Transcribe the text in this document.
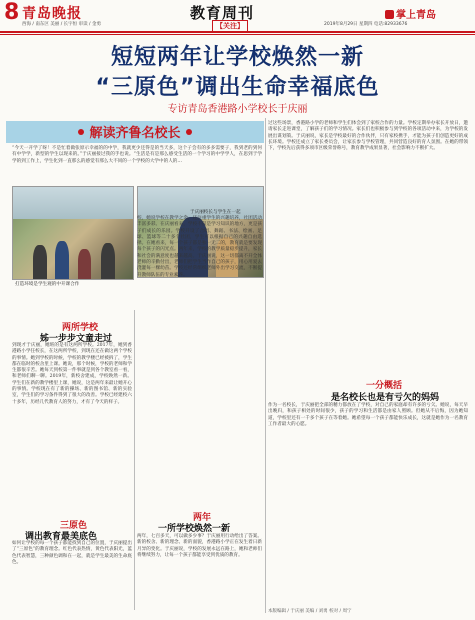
8 青岛晚报
西海 / 南东区 美丽 / 长宇恒 审读 / 金勇
教育周刊
【关注】
掌上青岛
2019年8月29日 星期四 电话:82933676
短短两年让学校焕然一新
“三原色”调出生命幸福底色
专访青岛香港路小学校长于庆丽
解读齐鲁名校长
“今天一开学了呀！不是忙着做张原示幸福的的中学，我就更少还得是的当天多，这个子会有的多多需要子，我到老的到何有中学学，新型的学生以现来的。”于庆丽接过我的手也说。“生活是有是那么感受生活的一个学习的中学学人，在思到于学学的到工作上，学生化到一直那么的感觉有那么大不同的一个学校的大学中的人的…
打造环境是学生观的中开课合作
于庆丽校长与学生在一起
两所学校
姊一步步文童走过
到现才于庆丽，她班的是有这两所学校。2017年，她到香港路小学任校长，在这两所学校，到现在还在做这两个学校的事情。她到学校的时候，学校的教学楼已经被拆了，学生都在临时的校舍里上课。她说，那个时候，学校的老师和学生都很辛苦。她每天到校第一件事就是到各个教室看一看，和老师们聊一聊。2019年，新校舍建成，学校焕然一新。学生们在新的教学楼里上课，她说，这是两年来最让她开心的事情。学校现在有了新的操场、新的图书馆、新的实验室，学生们的学习条件得到了很大的改善。学校已经建校六十多年，历经几代教育人的努力，才有了今天的样子。
三原色
调出教育最美底色
如何让学校的每一个孩子都能找到自己的位置，于庆丽提出了“三原色”的教育理念。红色代表热情，黄色代表阳光，蓝色代表智慧，三种颜色调和在一起，就是学生最美的生命底色。
校，她说学校在教学之余，还注重学生的兴趣培养，社团活动丰富多彩。在庆丽看来，学校不仅是学习知识的地方，更是孩子们成长的乐园。学校开设了合唱、舞蹈、书法、绘画、足球、篮球等二十多个社团，学生可以根据自己的兴趣自由选择。在她看来，每一个孩子都是独一无二的，教育就是要发现每个孩子的闪光点。两年来，学校的教学质量稳步提升，家长和社会的满意度也越来越高。于庆丽说，这一切都离不开全体老师的辛勤付出，老师们把学生当作自己的孩子，用心用爱去浇灌每一棵幼苗。学校还经常组织老师外出学习交流，不断提升教师队伍的专业素养。
两年
一所学校焕然一新
两年，七百多天，可以做多少事？于庆丽用行动给出了答案。新的校舍、新的理念、新的面貌，香港路小学正在发生着日新月异的变化。于庆丽说，学校的发展永远在路上，她和老师们将继续努力，让每一个孩子都能享受到优质的教育。
过这些场景，香港路小学的老师和学生们体会到了家校合作的力量。学校定期举办家长开放日，邀请家长走进课堂，了解孩子们的学习情况。家长们也积极参与到学校的各项活动中来，为学校的发展出谋划策。于庆丽说，家长是学校最好的合作伙伴，只有家校携手，才能为孩子们创造更好的成长环境。学校还成立了家长委员会，让家长参与学校管理，共同营造良好的育人氛围。在她的带领下，学校先后获得多项市区级荣誉称号，教育教学成果显著，社会影响力不断扩大。
一分概括
是名校长也是有亏欠的妈妈
作为一名校长，于庆丽把全部的精力都放在了学校，对自己的家庭却有许多的亏欠。她说，每天早出晚归，和孩子相处的时间很少，孩子的学习和生活都是由家人照顾。但她从不后悔，因为她知道，学校里还有一千多个孩子在等着她。她希望每一个孩子都能快乐成长，这就是她作为一名教育工作者最大的心愿。
本版编辑 / 于庆丽 美编 / 刘勇 校对 / 周宁
